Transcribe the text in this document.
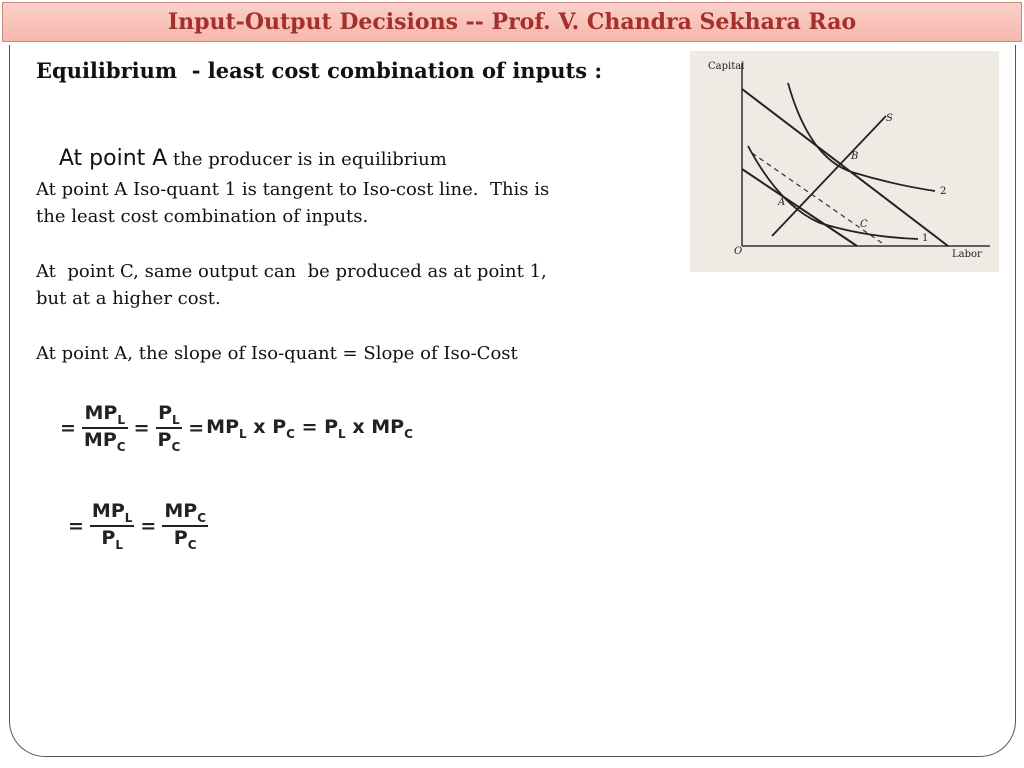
Input-Output Decisions -- Prof. V. Chandra Sekhara Rao
Equilibrium  - least cost combination of inputs :

At point A the producer is in equilibrium

At point A Iso-quant 1 is tangent to Iso-cost line.  This is
the least cost combination of inputs.
At  point C, same output can  be produced as at point 1,
but at a higher cost.
At point A, the slope of Iso-quant = Slope of Iso-Cost
Capital
Labor
O
S
2
1
B
A
C
= $\frac{MP_L}{MP_C} = \frac{P_L}{P_C} = MP_L$ x $P_C = P_L$ x $MP_C$
= $\frac{MP_L}{P_L} = \frac{MP_C}{P_C}$
